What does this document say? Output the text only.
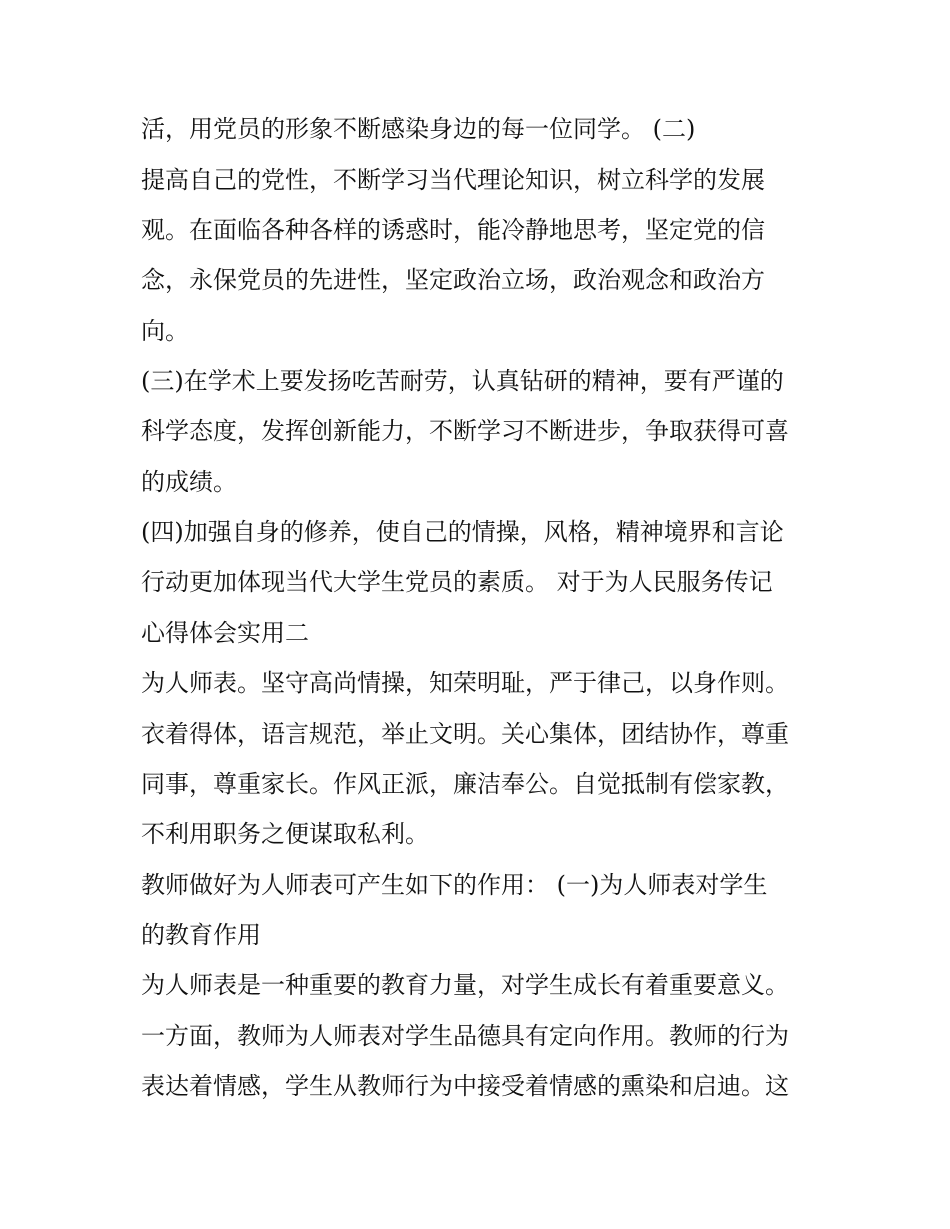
活，用党员的形象不断感染身边的每一位同学。 (二)

提高自己的党性，不断学习当代理论知识，树立科学的发展

观。在面临各种各样的诱惑时，能冷静地思考，坚定党的信

念，永保党员的先进性，坚定政治立场，政治观念和政治方

向。

(三)在学术上要发扬吃苦耐劳，认真钻研的精神，要有严谨的

科学态度，发挥创新能力，不断学习不断进步，争取获得可喜

的成绩。

(四)加强自身的修养，使自己的情操，风格，精神境界和言论

行动更加体现当代大学生党员的素质。 对于为人民服务传记

心得体会实用二

为人师表。坚守高尚情操，知荣明耻，严于律己，以身作则。

衣着得体，语言规范，举止文明。关心集体，团结协作，尊重

同事，尊重家长。作风正派，廉洁奉公。自觉抵制有偿家教，

不利用职务之便谋取私利。

教师做好为人师表可产生如下的作用： (一)为人师表对学生

的教育作用

为人师表是一种重要的教育力量，对学生成长有着重要意义。

一方面，教师为人师表对学生品德具有定向作用。教师的行为

表达着情感，学生从教师行为中接受着情感的熏染和启迪。这
